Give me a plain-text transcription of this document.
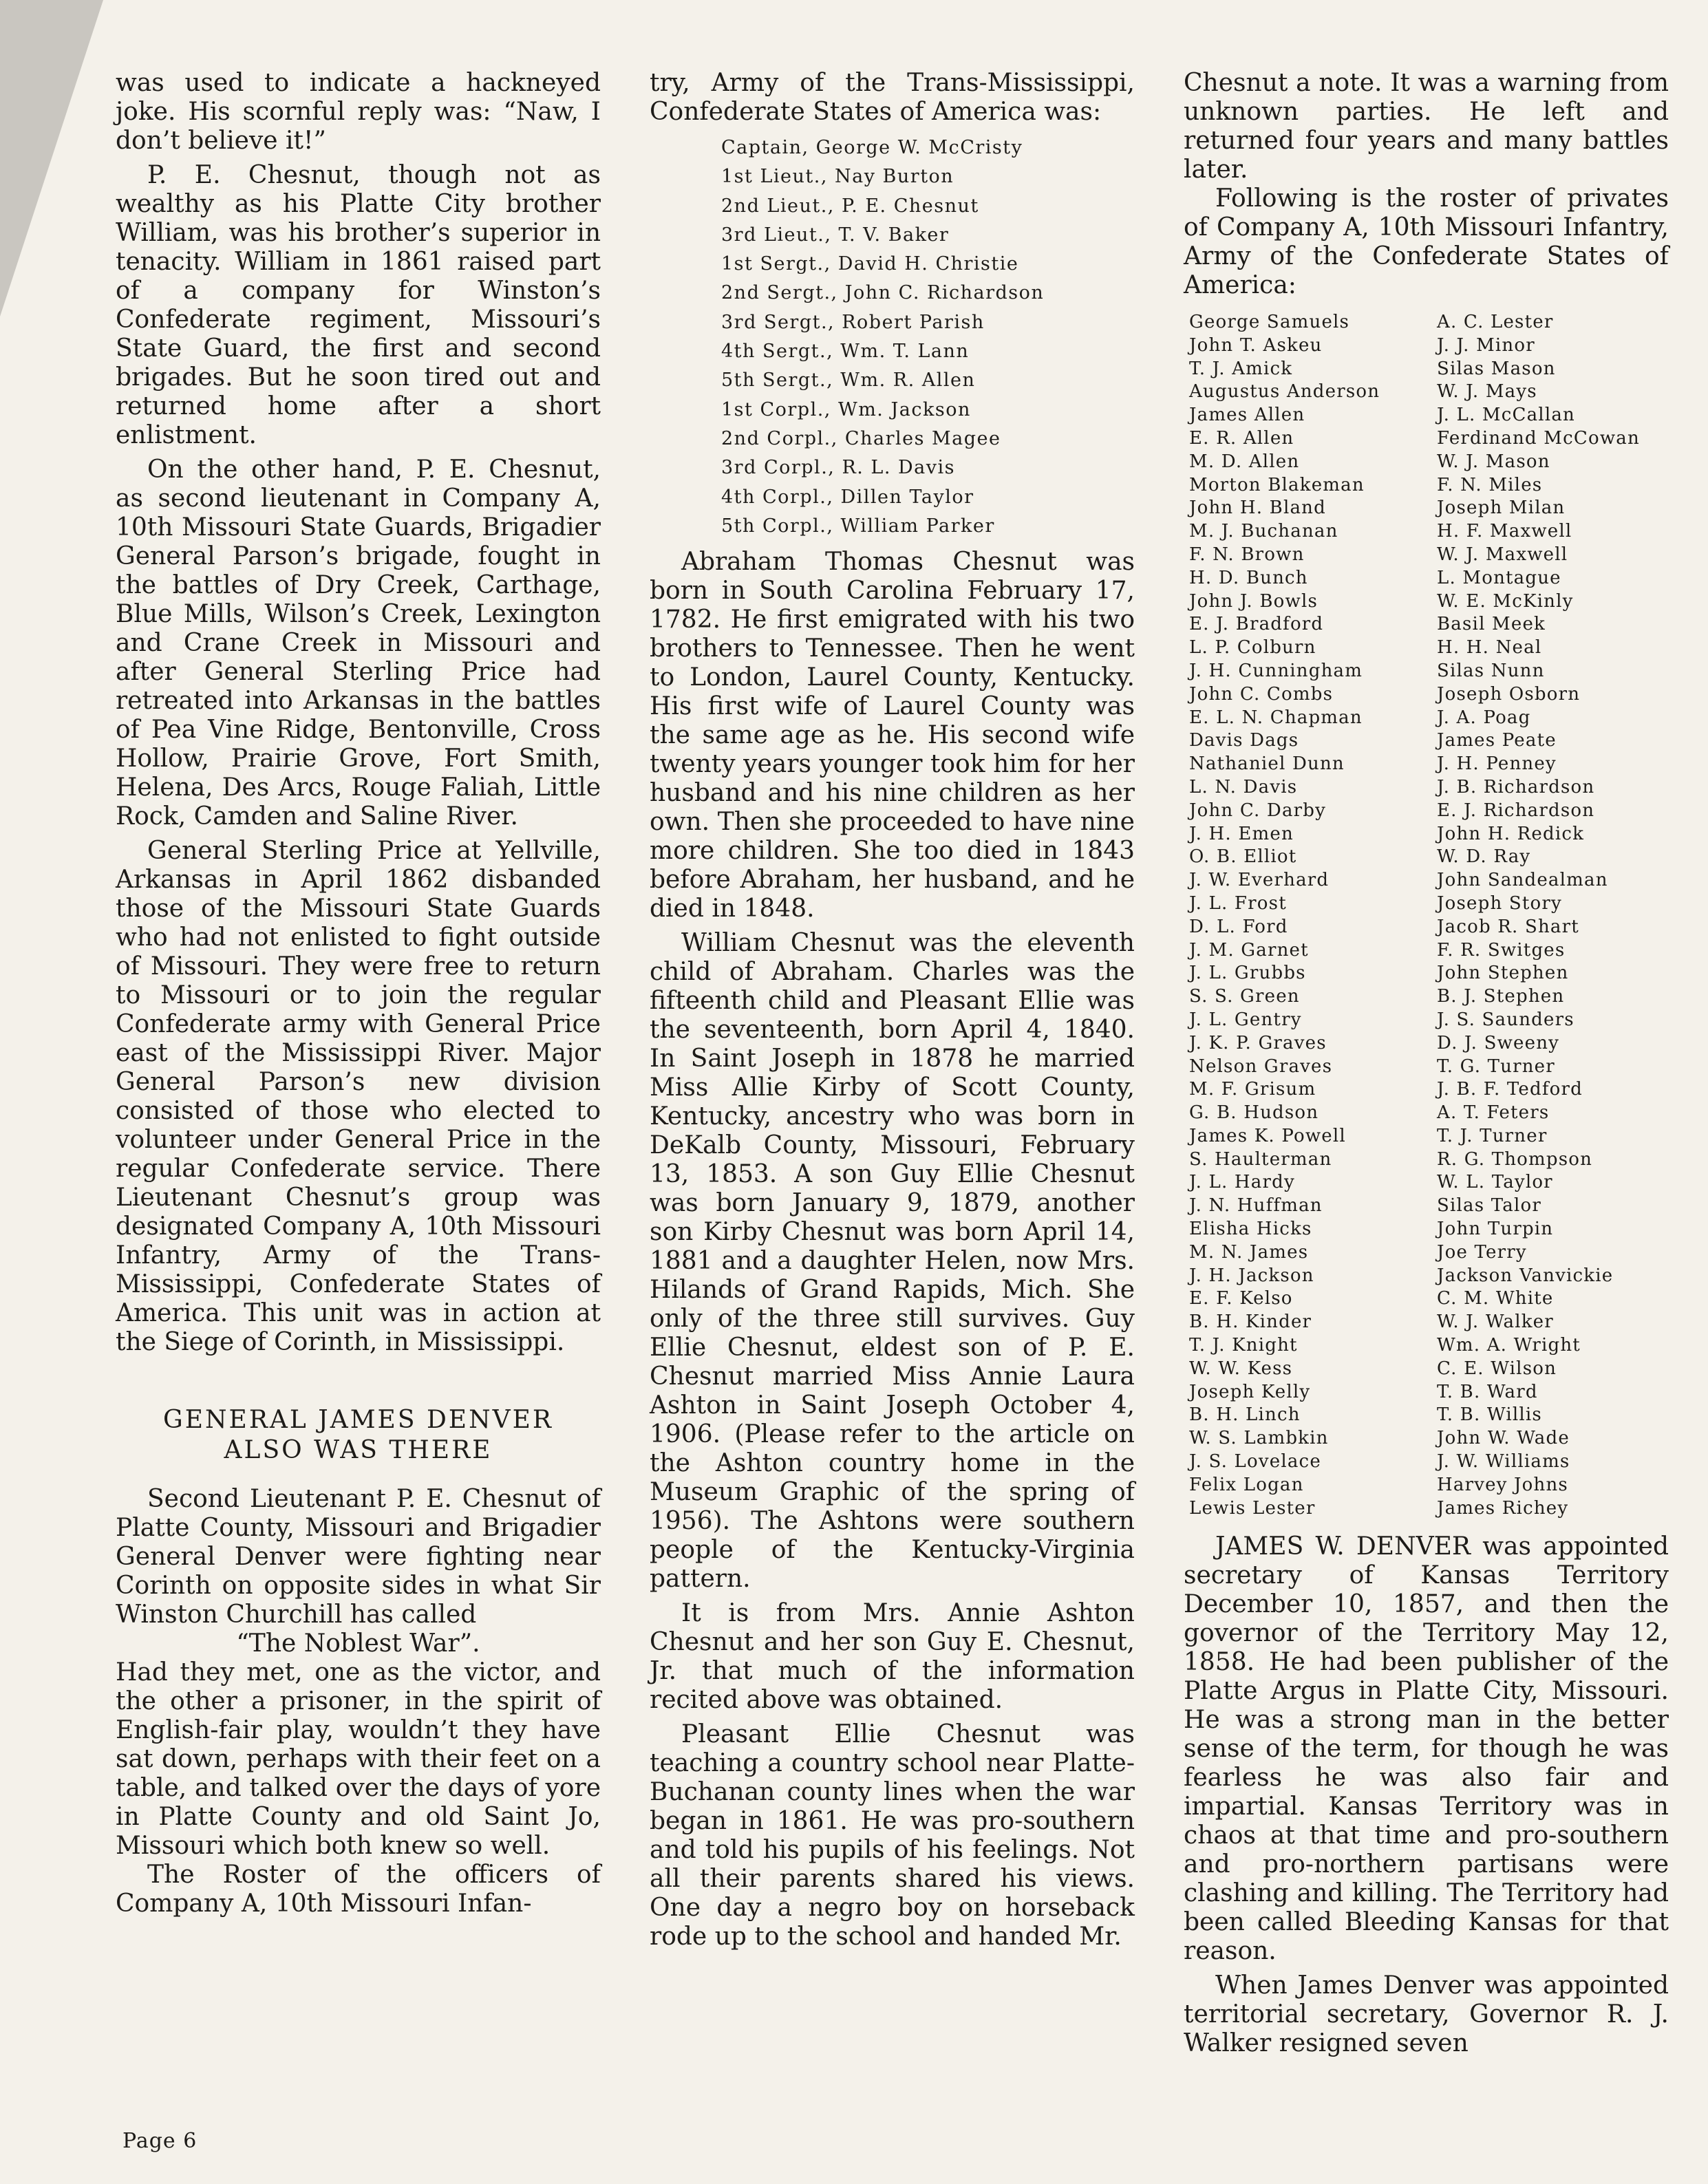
was used to indicate a hackneyed joke. His scornful reply was: “Naw, I don’t believe it!”

P. E. Chesnut, though not as wealthy as his Platte City brother William, was his brother’s superior in tenacity. William in 1861 raised part of a company for Winston’s Confederate regiment, Missouri’s State Guard, the first and second brigades. But he soon tired out and returned home after a short enlistment.

On the other hand, P. E. Chesnut, as second lieutenant in Company A, 10th Missouri State Guards, Brigadier General Parson’s brigade, fought in the battles of Dry Creek, Carthage, Blue Mills, Wilson’s Creek, Lexington and Crane Creek in Missouri and after General Sterling Price had retreated into Arkansas in the battles of Pea Vine Ridge, Bentonville, Cross Hollow, Prairie Grove, Fort Smith, Helena, Des Arcs, Rouge Faliah, Little Rock, Camden and Saline River.

General Sterling Price at Yellville, Arkansas in April 1862 disbanded those of the Missouri State Guards who had not enlisted to fight outside of Missouri. They were free to return to Missouri or to join the regular Confederate army with General Price east of the Mississippi River. Major General Parson’s new division consisted of those who elected to volunteer under General Price in the regular Confederate service. There Lieutenant Chesnut’s group was designated Company A, 10th Missouri Infantry, Army of the Trans-Mississippi, Confederate States of America. This unit was in action at the Siege of Corinth, in Mississippi.

GENERAL JAMES DENVER

ALSO WAS THERE

Second Lieutenant P. E. Chesnut of Platte County, Missouri and Brigadier General Denver were fighting near Corinth on opposite sides in what Sir Winston Churchill has called

“The Noblest War”.

Had they met, one as the victor, and the other a prisoner, in the spirit of English-fair play, wouldn’t they have sat down, perhaps with their feet on a table, and talked over the days of yore in Platte County and old Saint Jo, Missouri which both knew so well.

The Roster of the officers of Company A, 10th Missouri Infan-

try, Army of the Trans-Mississippi, Confederate States of America was:

Captain, George W. McCristy
1st Lieut., Nay Burton
2nd Lieut., P. E. Chesnut
3rd Lieut., T. V. Baker
1st Sergt., David H. Christie
2nd Sergt., John C. Richardson
3rd Sergt., Robert Parish
4th Sergt., Wm. T. Lann
5th Sergt., Wm. R. Allen
1st Corpl., Wm. Jackson
2nd Corpl., Charles Magee
3rd Corpl., R. L. Davis
4th Corpl., Dillen Taylor
5th Corpl., William Parker

Abraham Thomas Chesnut was born in South Carolina February 17, 1782. He first emigrated with his two brothers to Tennessee. Then he went to London, Laurel County, Kentucky. His first wife of Laurel County was the same age as he. His second wife twenty years younger took him for her husband and his nine children as her own. Then she proceeded to have nine more children. She too died in 1843 before Abraham, her husband, and he died in 1848.

William Chesnut was the eleventh child of Abraham. Charles was the fifteenth child and Pleasant Ellie was the seventeenth, born April 4, 1840. In Saint Joseph in 1878 he married Miss Allie Kirby of Scott County, Kentucky, ancestry who was born in DeKalb County, Missouri, February 13, 1853. A son Guy Ellie Chesnut was born January 9, 1879, another son Kirby Chesnut was born April 14, 1881 and a daughter Helen, now Mrs. Hilands of Grand Rapids, Mich. She only of the three still survives. Guy Ellie Chesnut, eldest son of P. E. Chesnut married Miss Annie Laura Ashton in Saint Joseph October 4, 1906. (Please refer to the article on the Ashton country home in the Museum Graphic of the spring of 1956). The Ashtons were southern people of the Kentucky-Virginia pattern.

It is from Mrs. Annie Ashton Chesnut and her son Guy E. Chesnut, Jr. that much of the information recited above was obtained.

Pleasant Ellie Chesnut was teaching a country school near Platte-Buchanan county lines when the war began in 1861. He was pro-southern and told his pupils of his feelings. Not all their parents shared his views. One day a negro boy on horseback rode up to the school and handed Mr.

Chesnut a note. It was a warning from unknown parties. He left and returned four years and many battles later.

Following is the roster of privates of Company A, 10th Missouri Infantry, Army of the Confederate States of America:

George Samuels	A. C. Lester
John T. Askeu	J. J. Minor
T. J. Amick	Silas Mason
Augustus Anderson	W. J. Mays
James Allen	J. L. McCallan
E. R. Allen	Ferdinand McCowan
M. D. Allen	W. J. Mason
Morton Blakeman	F. N. Miles
John H. Bland	Joseph Milan
M. J. Buchanan	H. F. Maxwell
F. N. Brown	W. J. Maxwell
H. D. Bunch	L. Montague
John J. Bowls	W. E. McKinly
E. J. Bradford	Basil Meek
L. P. Colburn	H. H. Neal
J. H. Cunningham	Silas Nunn
John C. Combs	Joseph Osborn
E. L. N. Chapman	J. A. Poag
Davis Dags	James Peate
Nathaniel Dunn	J. H. Penney
L. N. Davis	J. B. Richardson
John C. Darby	E. J. Richardson
J. H. Emen	John H. Redick
O. B. Elliot	W. D. Ray
J. W. Everhard	John Sandealman
J. L. Frost	Joseph Story
D. L. Ford	Jacob R. Shart
J. M. Garnet	F. R. Switges
J. L. Grubbs	John Stephen
S. S. Green	B. J. Stephen
J. L. Gentry	J. S. Saunders
J. K. P. Graves	D. J. Sweeny
Nelson Graves	T. G. Turner
M. F. Grisum	J. B. F. Tedford
G. B. Hudson	A. T. Feters
James K. Powell	T. J. Turner
S. Haulterman	R. G. Thompson
J. L. Hardy	W. L. Taylor
J. N. Huffman	Silas Talor
Elisha Hicks	John Turpin
M. N. James	Joe Terry
J. H. Jackson	Jackson Vanvickie
E. F. Kelso	C. M. White
B. H. Kinder	W. J. Walker
T. J. Knight	Wm. A. Wright
W. W. Kess	C. E. Wilson
Joseph Kelly	T. B. Ward
B. H. Linch	T. B. Willis
W. S. Lambkin	John W. Wade
J. S. Lovelace	J. W. Williams
Felix Logan	Harvey Johns
Lewis Lester	James Richey

JAMES W. DENVER was appointed secretary of Kansas Territory December 10, 1857, and then the governor of the Territory May 12, 1858. He had been publisher of the Platte Argus in Platte City, Missouri. He was a strong man in the better sense of the term, for though he was fearless he was also fair and impartial. Kansas Territory was in chaos at that time and pro-southern and pro-northern partisans were clashing and killing. The Territory had been called Bleeding Kansas for that reason.

When James Denver was appointed territorial secretary, Governor R. J. Walker resigned seven

Page 6
